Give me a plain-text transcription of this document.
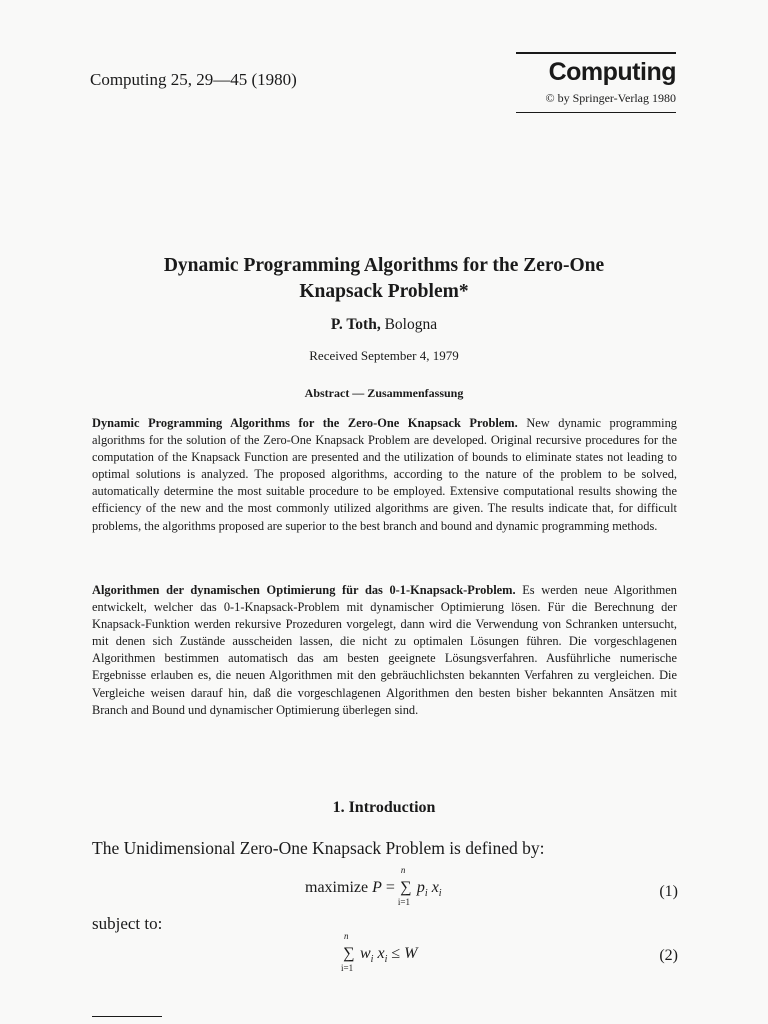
Computing 25, 29—45 (1980)	Computing
© by Springer-Verlag 1980
Dynamic Programming Algorithms for the Zero-One
Knapsack Problem*
P. Toth, Bologna
Received September 4, 1979
Abstract — Zusammenfassung
Dynamic Programming Algorithms for the Zero-One Knapsack Problem. New dynamic programming algorithms for the solution of the Zero-One Knapsack Problem are developed. Original recursive procedures for the computation of the Knapsack Function are presented and the utilization of bounds to eliminate states not leading to optimal solutions is analyzed. The proposed algorithms, according to the nature of the problem to be solved, automatically determine the most suitable procedure to be employed. Extensive computational results showing the efficiency of the new and the most commonly utilized algorithms are given. The results indicate that, for difficult problems, the algorithms proposed are superior to the best branch and bound and dynamic programming methods.
Algorithmen der dynamischen Optimierung für das 0-1-Knapsack-Problem. Es werden neue Algorithmen entwickelt, welcher das 0-1-Knapsack-Problem mit dynamischer Optimierung lösen. Für die Berechnung der Knapsack-Funktion werden rekursive Prozeduren vorgelegt, dann wird die Verwendung von Schranken untersucht, mit denen sich Zustände ausscheiden lassen, die nicht zu optimalen Lösungen führen. Die vorgeschlagenen Algorithmen bestimmen automatisch das am besten geeignete Lösungsverfahren. Ausführliche numerische Ergebnisse erlauben es, die neuen Algorithmen mit den gebräuchlichsten bekannten Verfahren zu vergleichen. Die Vergleiche weisen darauf hin, daß die vorgeschlagenen Algorithmen den besten bisher bekannten Ansätzen mit Branch and Bound und dynamischer Optimierung überlegen sind.
1. Introduction
The Unidimensional Zero-One Knapsack Problem is defined by:
maximize P =
n
∑
i=1
$p_i$ $x_i$	(1)
subject to:
n
∑
i=1
$w_i$ $x_i \le W$	(2)
